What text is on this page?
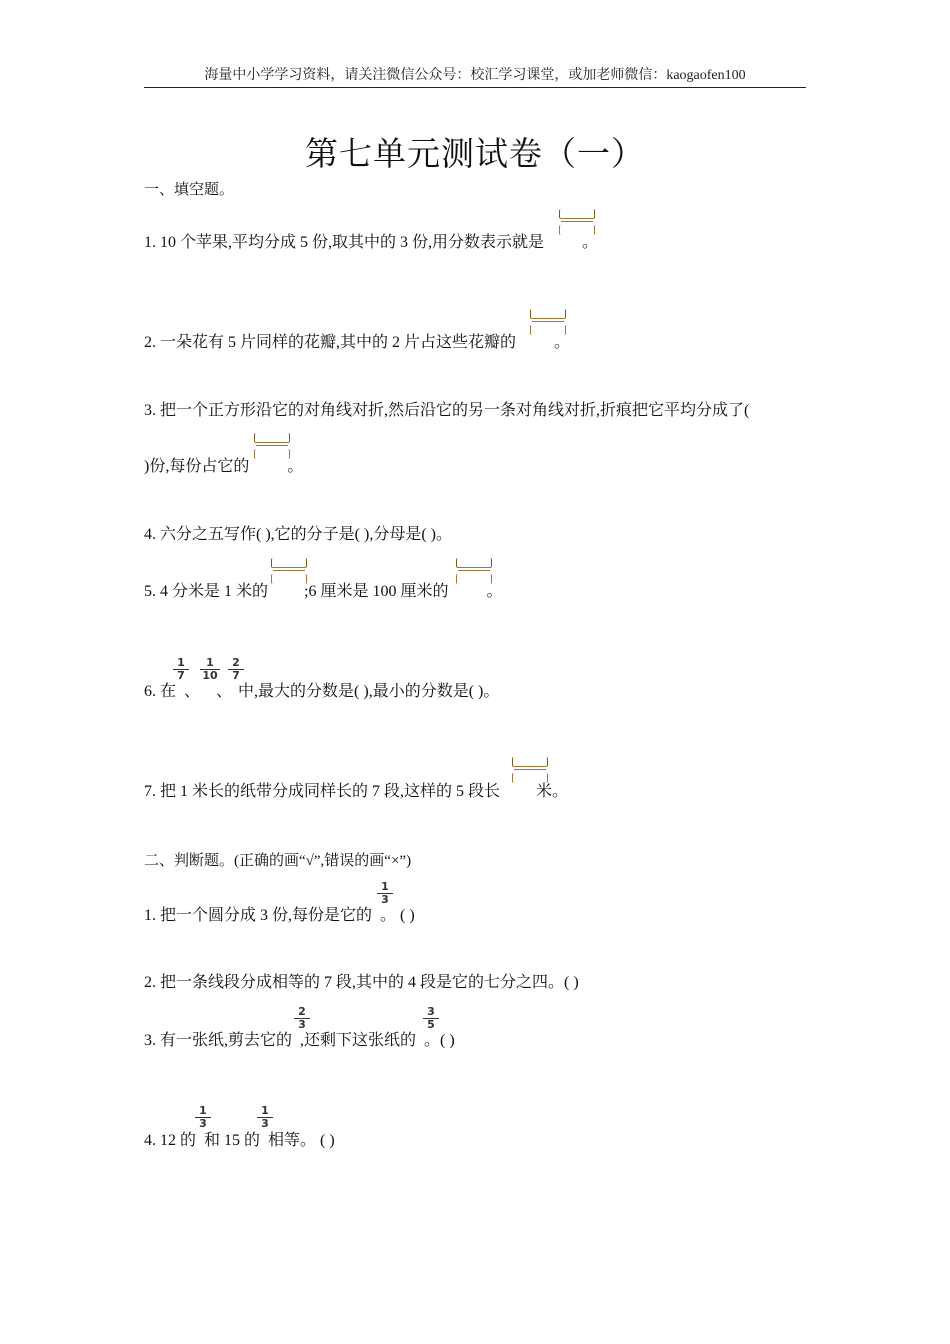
海量中小学学习资料，请关注微信公众号：校汇学习课堂，或加老师微信：kaogaofen100
第七单元测试卷（一）
一、填空题。
1. 10 个苹果,平均分成 5 份,取其中的 3 份,用分数表示就是 。
2. 一朵花有 5 片同样的花瓣,其中的 2 片占这些花瓣的 。
3. 把一个正方形沿它的对角线对折,然后沿它的另一条对角线对折,折痕把它平均分成了(
)份,每份占它的 。
4. 六分之五写作( ),它的分子是( ),分母是( )。
5. 4 分米是 1 米的 ;6 厘米是 100 厘米的 。
6. 在 、 、 中,最大的分数是( ),最小的分数是( )。
1
7
1
10
2
7
7. 把 1 米长的纸带分成同样长的 7 段,这样的 5 段长 米。
二、判断题。(正确的画“√”,错误的画“×”)
1. 把一个圆分成 3 份,每份是它的 。 ( )
1
3
2. 把一条线段分成相等的 7 段,其中的 4 段是它的七分之四。( )
3. 有一张纸,剪去它的 ,还剩下这张纸的 。( )
2
3
3
5
4. 12 的 和 15 的 相等。 ( )
1
3
1
3
